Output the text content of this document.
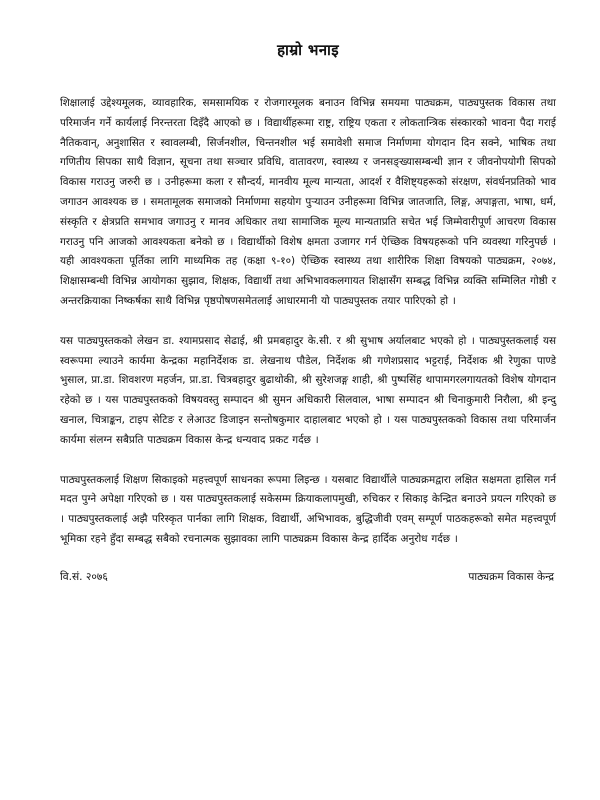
हाम्रो भनाइ

शिक्षालाई उद्देश्यमूलक, व्यावहारिक, समसामयिक र रोजगारमूलक बनाउन विभिन्न समयमा पाठ्यक्रम, पाठ्यपुस्तक विकास तथा परिमार्जन गर्ने कार्यलाई निरन्तरता दिइँदै आएको छ । विद्यार्थीहरूमा राष्ट्र, राष्ट्रिय एकता र लोकतान्त्रिक संस्कारको भावना पैदा गराई नैतिकवान्, अनुशासित र स्वावलम्बी, सिर्जनशील, चिन्तनशील भई समावेशी समाज निर्माणमा योगदान दिन सक्ने, भाषिक तथा गणितीय सिपका साथै विज्ञान, सूचना तथा सञ्चार प्रविधि, वातावरण, स्वास्थ्य र जनसङ्ख्यासम्बन्धी ज्ञान र जीवनोपयोगी सिपको विकास गराउनु जरुरी छ । उनीहरूमा कला र सौन्दर्य, मानवीय मूल्य मान्यता, आदर्श र वैशिष्ट्यहरूको संरक्षण, संवर्धनप्रतिको भाव जगाउन आवश्यक छ । समतामूलक समाजको निर्माणमा सहयोग पुऱ्याउन उनीहरूमा विभिन्न जातजाति, लिङ्ग, अपाङ्गता, भाषा, धर्म, संस्कृति र क्षेत्रप्रति समभाव जगाउनु र मानव अधिकार तथा सामाजिक मूल्य मान्यताप्रति सचेत भई जिम्मेवारीपूर्ण आचरण विकास गराउनु पनि आजको आवश्यकता बनेको छ । विद्यार्थीको विशेष क्षमता उजागर गर्न ऐच्छिक विषयहरूको पनि व्यवस्था गरिनुपर्छ । यही आवश्यकता पूर्तिका लागि माध्यमिक तह (कक्षा ९-१०) ऐच्छिक स्वास्थ्य तथा शारीरिक शिक्षा विषयको पाठ्यक्रम, २०७४, शिक्षासम्बन्धी विभिन्न आयोगका सुझाव, शिक्षक, विद्यार्थी तथा अभिभावकलगायत शिक्षासँग सम्बद्ध विभिन्न व्यक्ति सम्मिलित गोष्ठी र अन्तरक्रियाका निष्कर्षका साथै विभिन्न पृष्ठपोषणसमेतलाई आधारमानी यो पाठ्यपुस्तक तयार पारिएको हो ।

यस पाठ्यपुस्तकको लेखन डा. श्यामप्रसाद सेढाई, श्री प्रमबहादुर के.सी. र श्री सुभाष अर्यालबाट भएको हो । पाठ्यपुस्तकलाई यस स्वरूपमा ल्याउने कार्यमा केन्द्रका महानिर्देशक डा. लेखनाथ पौडेल, निर्देशक श्री गणेशप्रसाद भट्टराई, निर्देशक श्री रेणुका पाण्डे भुसाल, प्रा.डा. शिवशरण महर्जन, प्रा.डा. चित्रबहादुर बुढाथोकी, श्री सुरेशजङ्ग शाही, श्री पुष्पसिंह थापामगरलगायतको विशेष योगदान रहेको छ । यस पाठ्यपुस्तकको विषयवस्तु सम्पादन श्री सुमन अधिकारी सिलवाल, भाषा सम्पादन श्री चिनाकुमारी निरौला, श्री इन्दु खनाल, चित्राङ्कन, टाइप सेटिङ र लेआउट डिजाइन सन्तोषकुमार दाहालबाट भएको हो । यस पाठ्यपुस्तकको विकास तथा परिमार्जन कार्यमा संलग्न सबैप्रति पाठ्यक्रम विकास केन्द्र धन्यवाद प्रकट गर्दछ ।

पाठ्यपुस्तकलाई शिक्षण सिकाइको महत्त्वपूर्ण साधनका रूपमा लिइन्छ । यसबाट विद्यार्थीले पाठ्यक्रमद्वारा लक्षित सक्षमता हासिल गर्न मदत पुग्ने अपेक्षा गरिएको छ । यस पाठ्यपुस्तकलाई सकेसम्म क्रियाकलापमुखी, रुचिकर र सिकाइ केन्द्रित बनाउने प्रयत्न गरिएको छ । पाठ्यपुस्तकलाई अझै परिस्कृत पार्नका लागि शिक्षक, विद्यार्थी, अभिभावक, बुद्धिजीवी एवम् सम्पूर्ण पाठकहरूको समेत महत्त्वपूर्ण भूमिका रहने हुँदा सम्बद्ध सबैको रचनात्मक सुझावका लागि पाठ्यक्रम विकास केन्द्र हार्दिक अनुरोध गर्दछ ।

वि.सं. २०७६	पाठ्यक्रम विकास केन्द्र
